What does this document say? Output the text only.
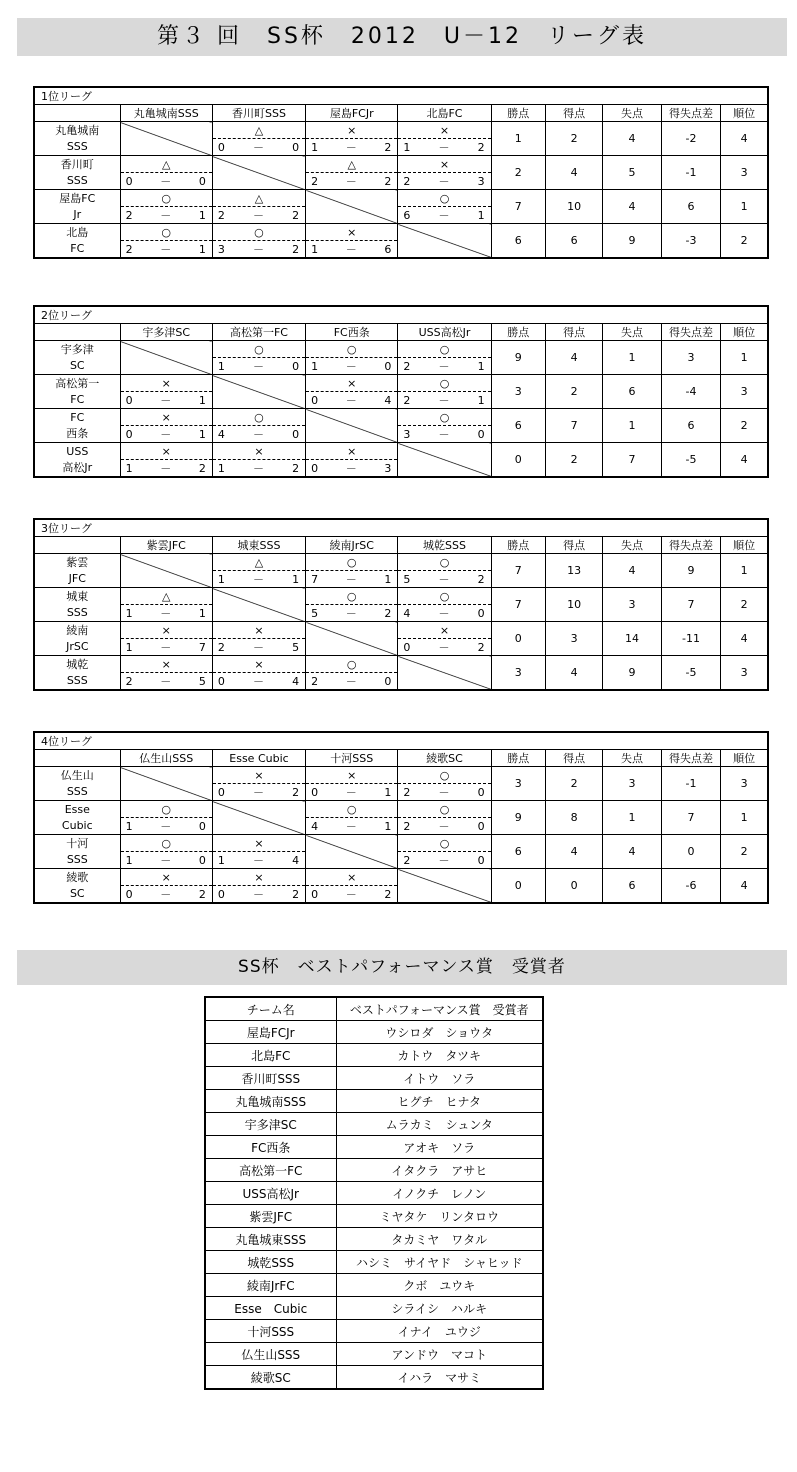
第３ 回　SS杯　2012　U－12　リーグ表
1位リーグ									
	丸亀城南SSS	香川町SSS	屋島FCJr	北島FC	勝点	得点	失点	得失点差	順位
丸亀城南		△	×	×	1	2	4	-2	4
SSS		0 － 0	1 － 2	1 － 2					

香川町	△		△	×	2	4	5	-1	3
SSS	0 － 0		2 － 2	2 － 3					

屋島FC	○	△		○	7	10	4	6	1
Jr	2 － 1	2 － 2		6 － 1					

北島	○	○	×		6	6	9	-3	2
FC	2 － 1	3 － 2	1 － 6						
2位リーグ									
	宇多津SC	高松第一FC	FC西条	USS高松Jr	勝点	得点	失点	得失点差	順位
宇多津		○	○	○	9	4	1	3	1
SC		1 － 0	1 － 0	2 － 1					

高松第一	×		×	○	3	2	6	-4	3
FC	0 － 1		0 － 4	2 － 1					

FC	×	○		○	6	7	1	6	2
西条	0 － 1	4 － 0		3 － 0					

USS	×	×	×		0	2	7	-5	4
高松Jr	1 － 2	1 － 2	0 － 3						
3位リーグ									
	紫雲JFC	城東SSS	綾南JrSC	城乾SSS	勝点	得点	失点	得失点差	順位
紫雲		△	○	○	7	13	4	9	1
JFC		1 － 1	7 － 1	5 － 2					

城東	△		○	○	7	10	3	7	2
SSS	1 － 1		5 － 2	4 － 0					

綾南	×	×		×	0	3	14	-11	4
JrSC	1 － 7	2 － 5		0 － 2					

城乾	×	×	○		3	4	9	-5	3
SSS	2 － 5	0 － 4	2 － 0						
4位リーグ									
	仏生山SSS	Esse Cubic	十河SSS	綾歌SC	勝点	得点	失点	得失点差	順位
仏生山		×	×	○	3	2	3	-1	3
SSS		0 － 2	0 － 1	2 － 0					

Esse	○		○	○	9	8	1	7	1
Cubic	1 － 0		4 － 1	2 － 0					

十河	○	×		○	6	4	4	0	2
SSS	1 － 0	1 － 4		2 － 0					

綾歌	×	×	×		0	0	6	-6	4
SC	0 － 2	0 － 2	0 － 2						
SS杯　ベストパフォーマンス賞　受賞者
チーム名	ベストパフォーマンス賞　受賞者
屋島FCJr	ウシロダ　ショウタ
北島FC	カトウ　タツキ
香川町SSS	イトウ　ソラ
丸亀城南SSS	ヒグチ　ヒナタ
宇多津SC	ムラカミ　シュンタ
FC西条	アオキ　ソラ
高松第一FC	イタクラ　アサヒ
USS高松Jr	イノクチ　レノン
紫雲JFC	ミヤタケ　リンタロウ
丸亀城東SSS	タカミヤ　ワタル
城乾SSS	ハシミ　サイヤド　シャヒッド
綾南JrFC	クボ　ユウキ
Esse　Cubic	シライシ　ハルキ
十河SSS	イナイ　ユウジ
仏生山SSS	アンドウ　マコト
綾歌SC	イハラ　マサミ
